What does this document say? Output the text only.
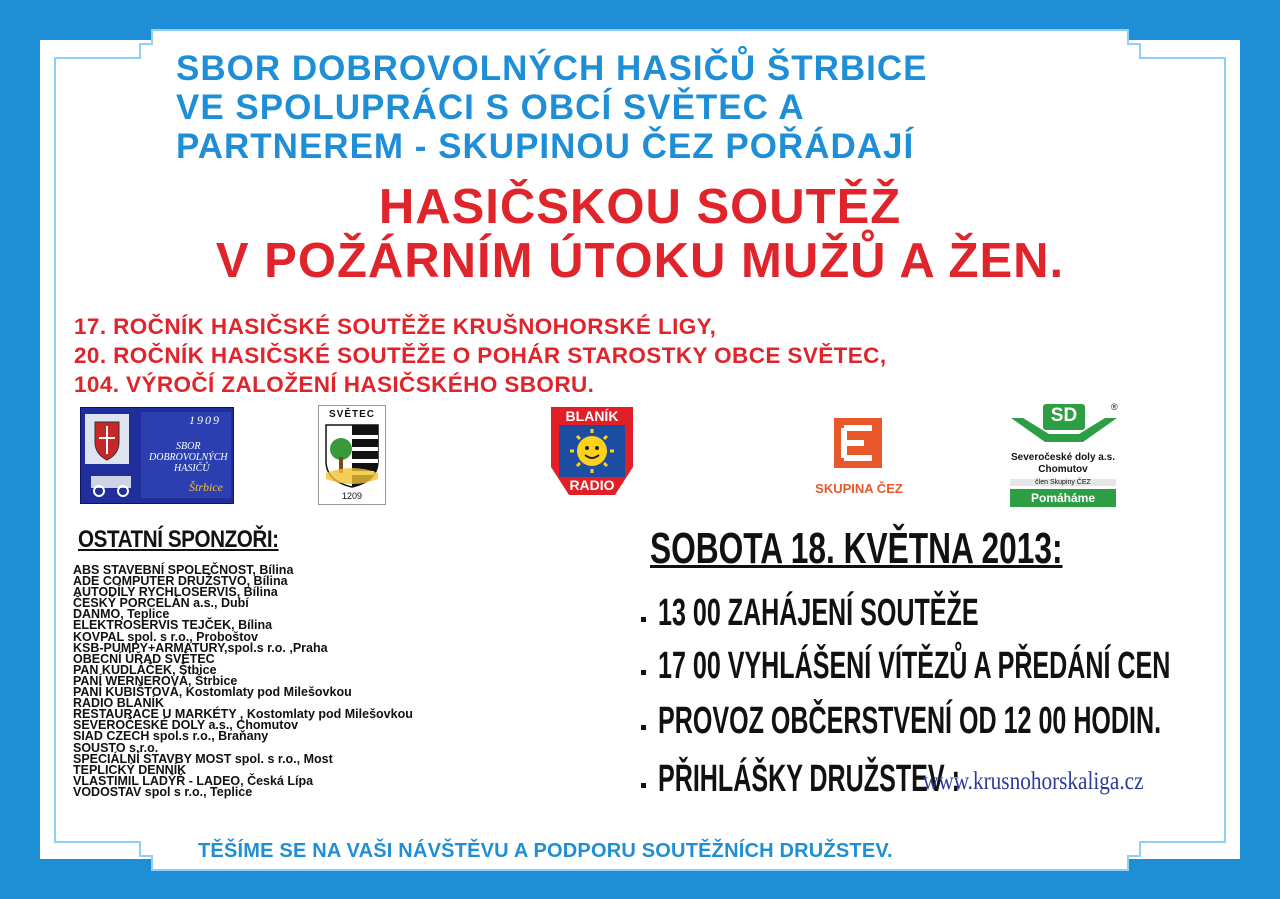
SBOR DOBROVOLNÝCH HASIČŮ ŠTRBICE
VE SPOLUPRÁCI S OBCÍ SVĚTEC A
PARTNEREM - SKUPINOU ČEZ POŘÁDAJÍ
HASIČSKOU SOUTĚŽ
V POŽÁRNÍM ÚTOKU MUŽŮ A ŽEN.
17. ROČNÍK HASIČSKÉ SOUTĚŽE KRUŠNOHORSKÉ LIGY,
20. ROČNÍK HASIČSKÉ SOUTĚŽE O POHÁR STAROSTKY OBCE SVĚTEC,
104. VÝROČÍ ZALOŽENÍ HASIČSKÉHO SBORU.
1909
SBOR
DOBROVOLNÝCH
HASIČŮ
Štrbice
SVĚTEC
1209
BLANÍK
RADIO	SKUPINA ČEZ
SD	®
Severočeské doly a.s.
Chomutov
člen Skupiny ČEZ
Pomáháme
OSTATNÍ SPONZOŘI:
ABS STAVEBNÍ SPOLEČNOST, Bílina
ADE COMPUTER DRUŽSTVO, Bílina
AUTODÍLY RYCHLOSERVIS, Bílina
ČESKÝ PORCELÁN a.s., Dubí
DANMO, Teplice
ELEKTROSERVIS TEJČEK, Bílina
KOVPAL spol. s r.o., Proboštov
KSB-PUMPY+ARMATURY,spol.s r.o. ,Praha
OBECNÍ ÚŘAD SVĚTEC
PAN KUDLÁČEK, Štbice
PANÍ WERNEROVÁ, Štrbice
PANÍ KUBIŠTOVÁ, Kostomlaty pod Milešovkou
RADIO BLANÍK
RESTAURACE U MARKÉTY , Kostomlaty pod Milešovkou
SEVEROČESKÉ DOLY a.s., Chomutov
SIAD CZECH spol.s r.o., Braňany
SOUSTO s.r.o.
SPECIÁLNÍ STAVBY MOST spol. s r.o., Most
TEPLICKÝ DENNÍK
VLASTIMIL LADÝŘ - LADEO, Česká Lípa
VODOSTAV spol s r.o., Teplice
SOBOTA 18. KVĚTNA 2013:
13 00 ZAHÁJENÍ SOUTĚŽE
17 00 VYHLÁŠENÍ VÍTĚZŮ A PŘEDÁNÍ CEN
PROVOZ OBČERSTVENÍ OD 12 00 HODIN.
PŘIHLÁŠKY DRUŽSTEV :
www.krusnohorskaliga.cz
TĚŠÍME SE NA VAŠI NÁVŠTĚVU A PODPORU SOUTĚŽNÍCH DRUŽSTEV.
